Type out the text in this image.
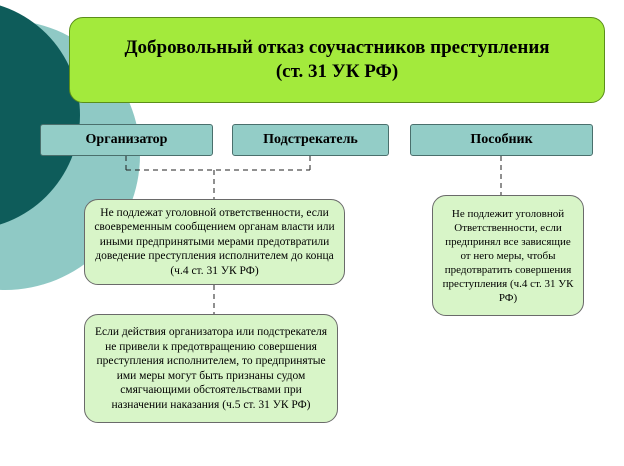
Добровольный отказ соучастников преступления
(ст. 31 УК РФ)
Организатор	Подстрекатель	Пособник
Не подлежат уголовной ответственности, если своевременным сообщением органам власти или иными предпринятыми мерами предотвратили доведение преступления исполнителем до конца (ч.4 ст. 31 УК РФ)
Не подлежит уголовной Ответственности, если предпринял все зависящие от него меры, чтобы предотвратить совершения преступления (ч.4 ст. 31 УК РФ)
Если действия организатора или подстрекателя не привели к предотвращению совершения преступления исполнителем, то предпринятые ими меры могут быть признаны судом смягчающими обстоятельствами при назначении наказания (ч.5 ст. 31 УК РФ)
